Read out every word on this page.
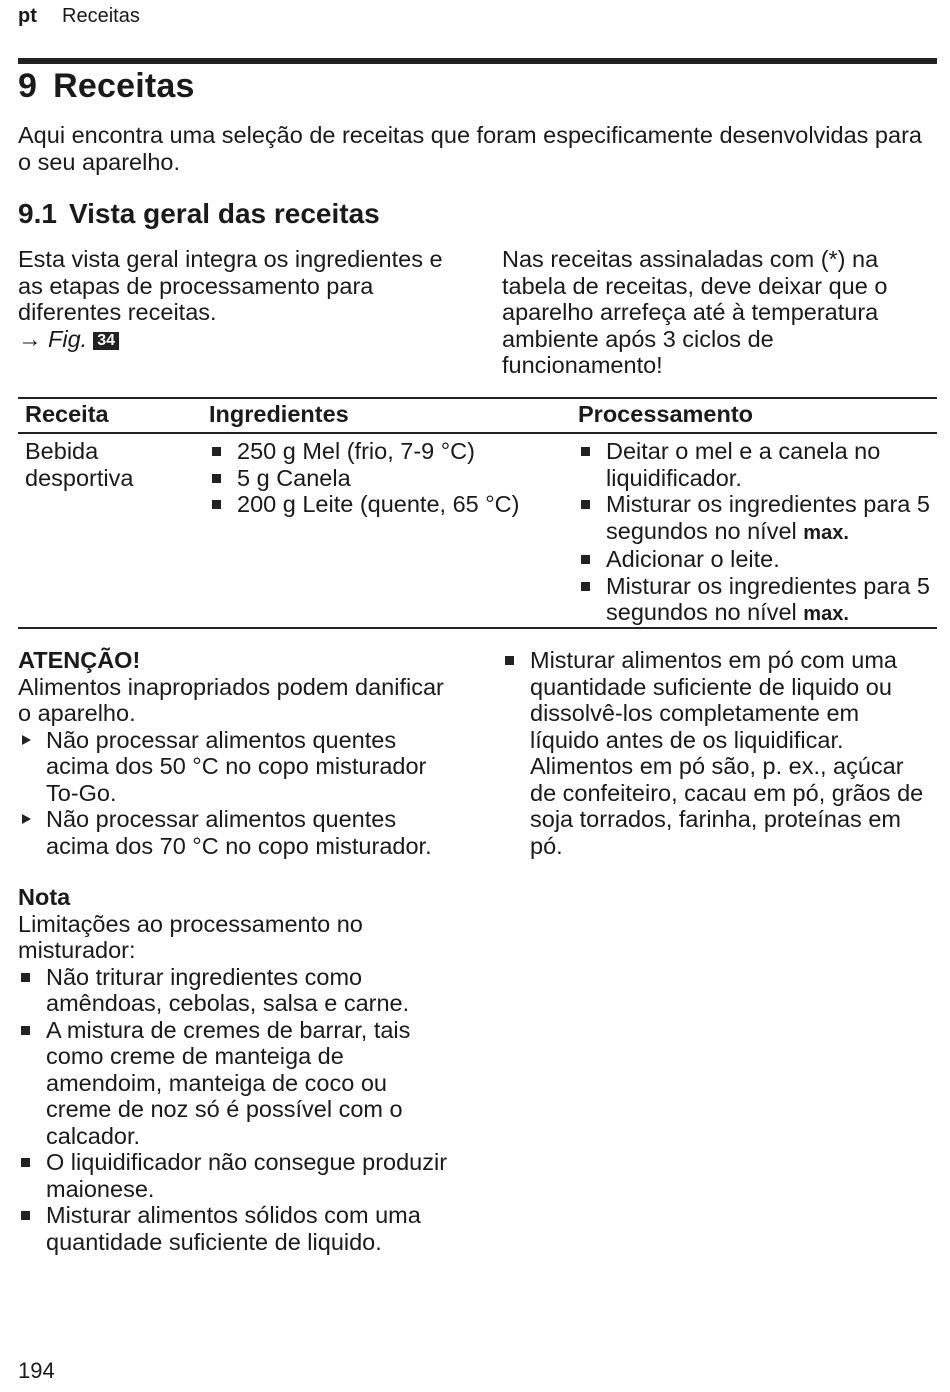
pt Receitas
9 Receitas
Aqui encontra uma seleção de receitas que foram especificamente desenvolvidas para o seu aparelho.
9.1 Vista geral das receitas
Esta vista geral integra os ingredientes e as etapas de processamento para diferentes receitas.
→ Fig. 34
Nas receitas assinaladas com (*) na tabela de receitas, deve deixar que o aparelho arrefeça até à temperatura ambiente após 3 ciclos de funcionamento!
Receita	Ingredientes	Processamento
Bebida desportiva
250 g Mel (frio, 7-9 °C)
5 g Canela
200 g Leite (quente, 65 °C)
Deitar o mel e a canela no liquidificador.
Misturar os ingredientes para 5 segundos no nível max.
Adicionar o leite.
Misturar os ingredientes para 5 segundos no nível max.
ATENÇÃO!
Alimentos inapropriados podem danificar o aparelho.
Não processar alimentos quentes acima dos 50 °C no copo misturador To-Go.
Não processar alimentos quentes acima dos 70 °C no copo misturador.
Nota
Limitações ao processamento no misturador:
Não triturar ingredientes como amêndoas, cebolas, salsa e carne.
A mistura de cremes de barrar, tais como creme de manteiga de amendoim, manteiga de coco ou creme de noz só é possível com o calcador.
O liquidificador não consegue produzir maionese.
Misturar alimentos sólidos com uma quantidade suficiente de liquido.
Misturar alimentos em pó com uma quantidade suficiente de liquido ou dissolvê-los completamente em líquido antes de os liquidificar. Alimentos em pó são, p. ex., açúcar de confeiteiro, cacau em pó, grãos de soja torrados, farinha, proteínas em pó.
194
